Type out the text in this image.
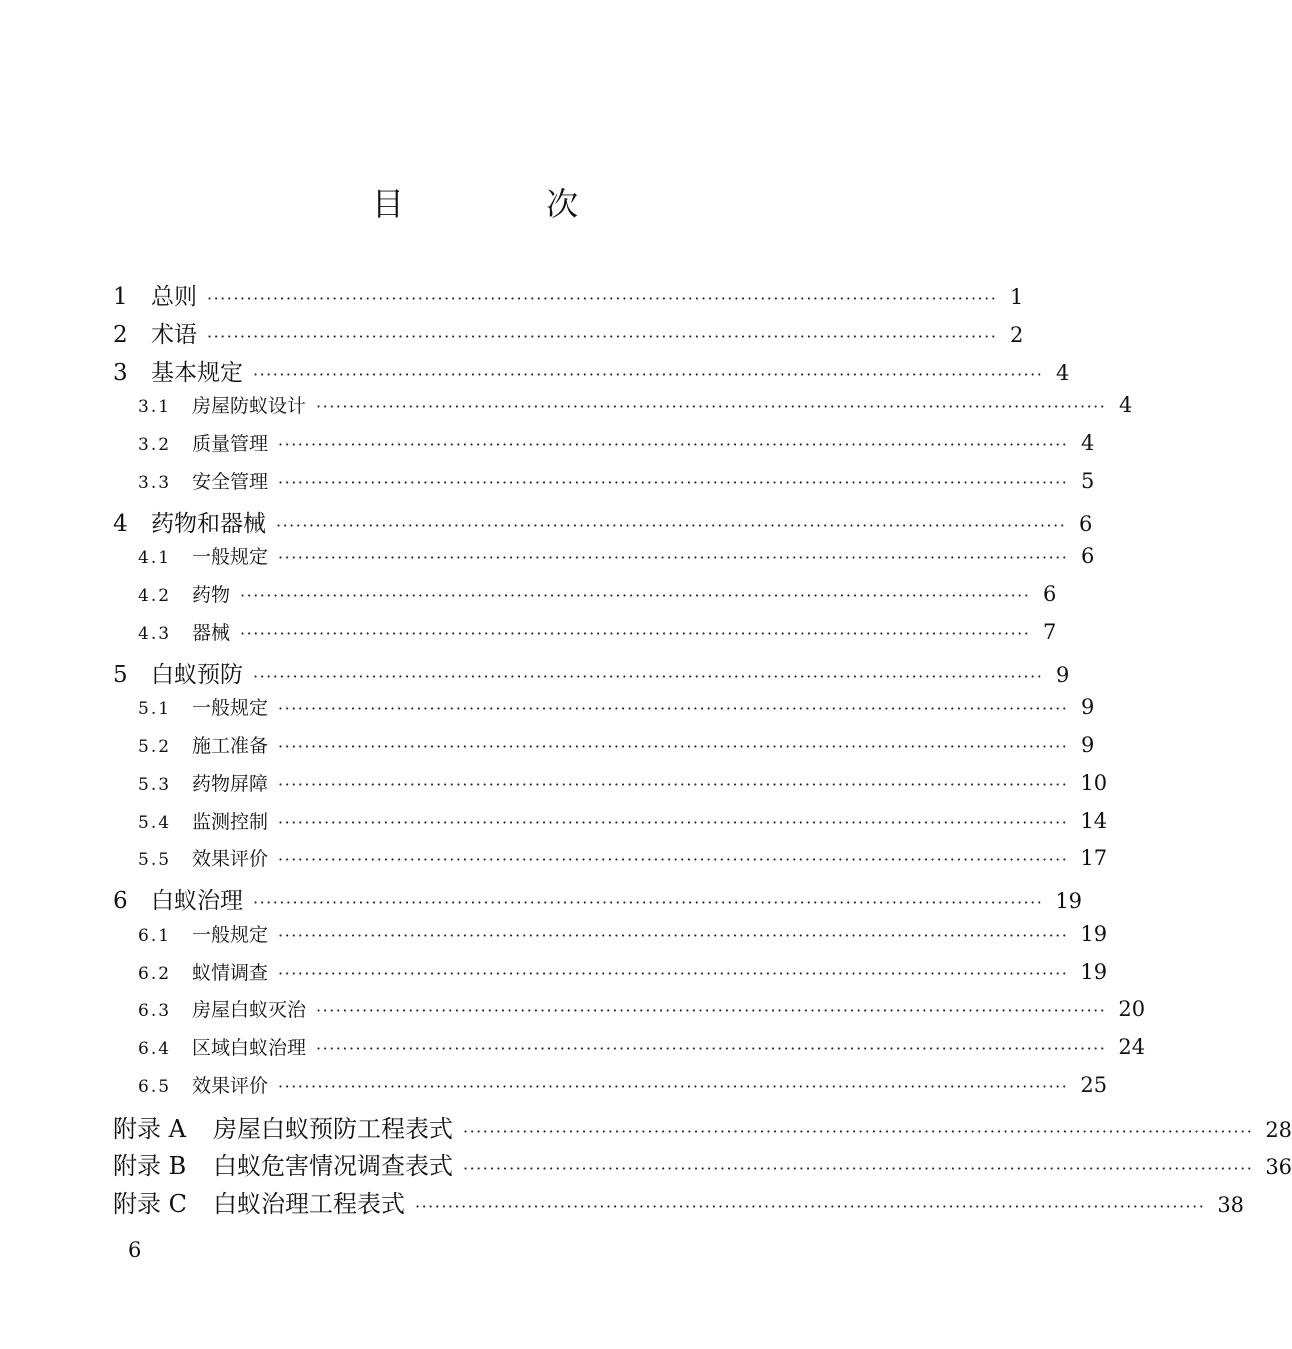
目 次
1	总则 ························································································································ 1
2	术语 ························································································································ 2
3	基本规定 ························································································································ 4
3.1	房屋防蚁设计 ························································································································ 4
3.2	质量管理 ························································································································ 4
3.3	安全管理 ························································································································ 5
4	药物和器械 ························································································································ 6
4.1	一般规定 ························································································································ 6
4.2	药物 ························································································································ 6
4.3	器械 ························································································································ 7
5	白蚁预防 ························································································································ 9
5.1	一般规定 ························································································································ 9
5.2	施工准备 ························································································································ 9
5.3	药物屏障 ························································································································ 10
5.4	监测控制 ························································································································ 14
5.5	效果评价 ························································································································ 17
6	白蚁治理 ························································································································ 19
6.1	一般规定 ························································································································ 19
6.2	蚁情调查 ························································································································ 19
6.3	房屋白蚁灭治 ························································································································ 20
6.4	区域白蚁治理 ························································································································ 24
6.5	效果评价 ························································································································ 25
附录 A	房屋白蚁预防工程表式 ························································································································ 28
附录 B	白蚁危害情况调查表式 ························································································································ 36
附录 C	白蚁治理工程表式 ························································································································ 38
6
